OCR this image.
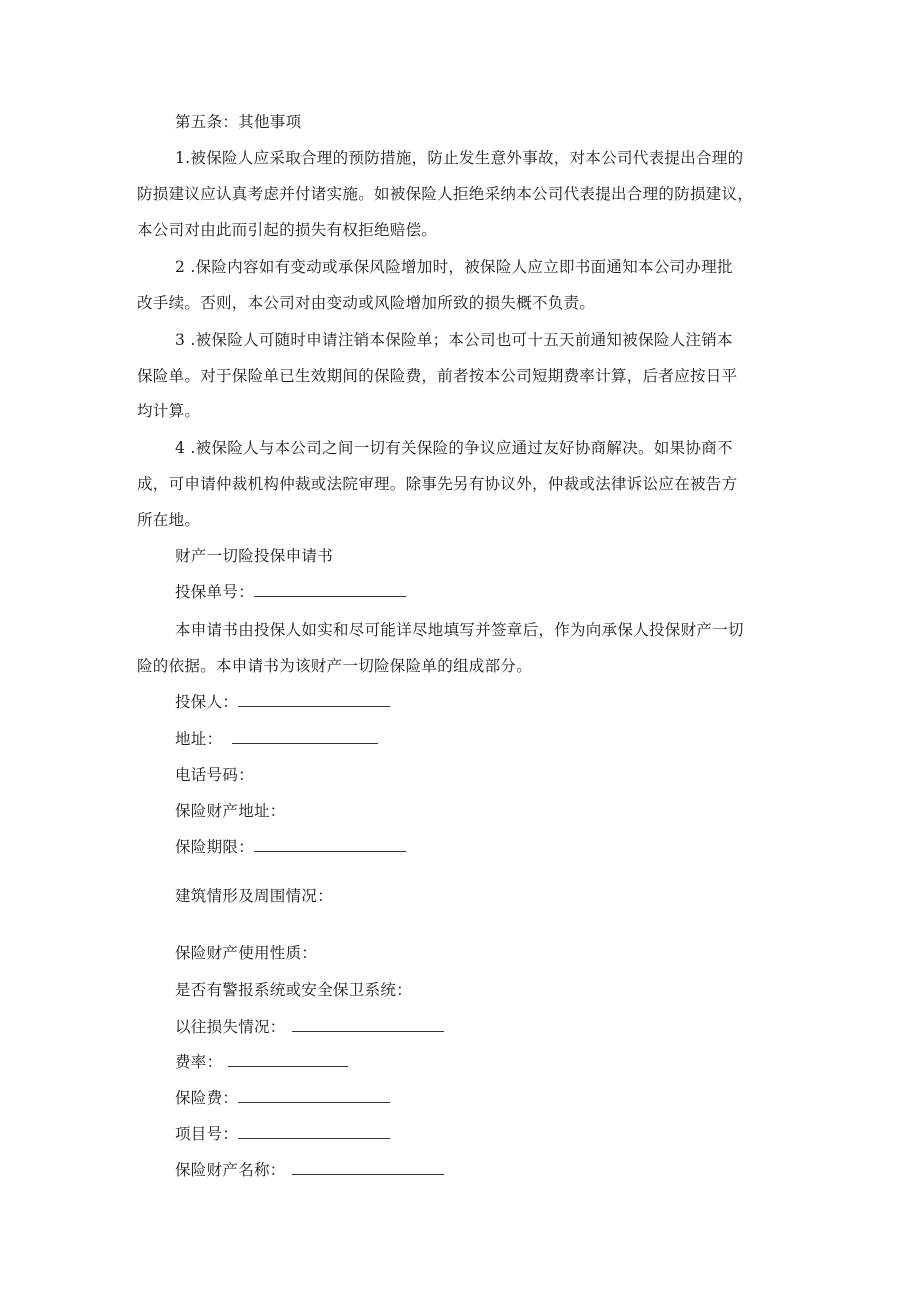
第五条：其他事项
1.被保险人应采取合理的预防措施，防止发生意外事故，对本公司代表提出合理的
防损建议应认真考虑并付诸实施。如被保险人拒绝采纳本公司代表提出合理的防损建议，
本公司对由此而引起的损失有权拒绝赔偿。
2 .保险内容如有变动或承保风险增加时，被保险人应立即书面通知本公司办理批
改手续。否则，本公司对由变动或风险增加所致的损失概不负责。
3 .被保险人可随时申请注销本保险单；本公司也可十五天前通知被保险人注销本
保险单。对于保险单已生效期间的保险费，前者按本公司短期费率计算，后者应按日平
均计算。
4 .被保险人与本公司之间一切有关保险的争议应通过友好协商解决。如果协商不
成，可申请仲裁机构仲裁或法院审理。除事先另有协议外，仲裁或法律诉讼应在被告方
所在地。
财产一切险投保申请书
投保单号：
本申请书由投保人如实和尽可能详尽地填写并签章后，作为向承保人投保财产一切
险的依据。本申请书为该财产一切险保险单的组成部分。
投保人：
地址：
电话号码：
保险财产地址：
保险期限：
建筑情形及周围情况：
保险财产使用性质：
是否有警报系统或安全保卫系统：
以往损失情况：
费率：
保险费：
项目号：
保险财产名称：
